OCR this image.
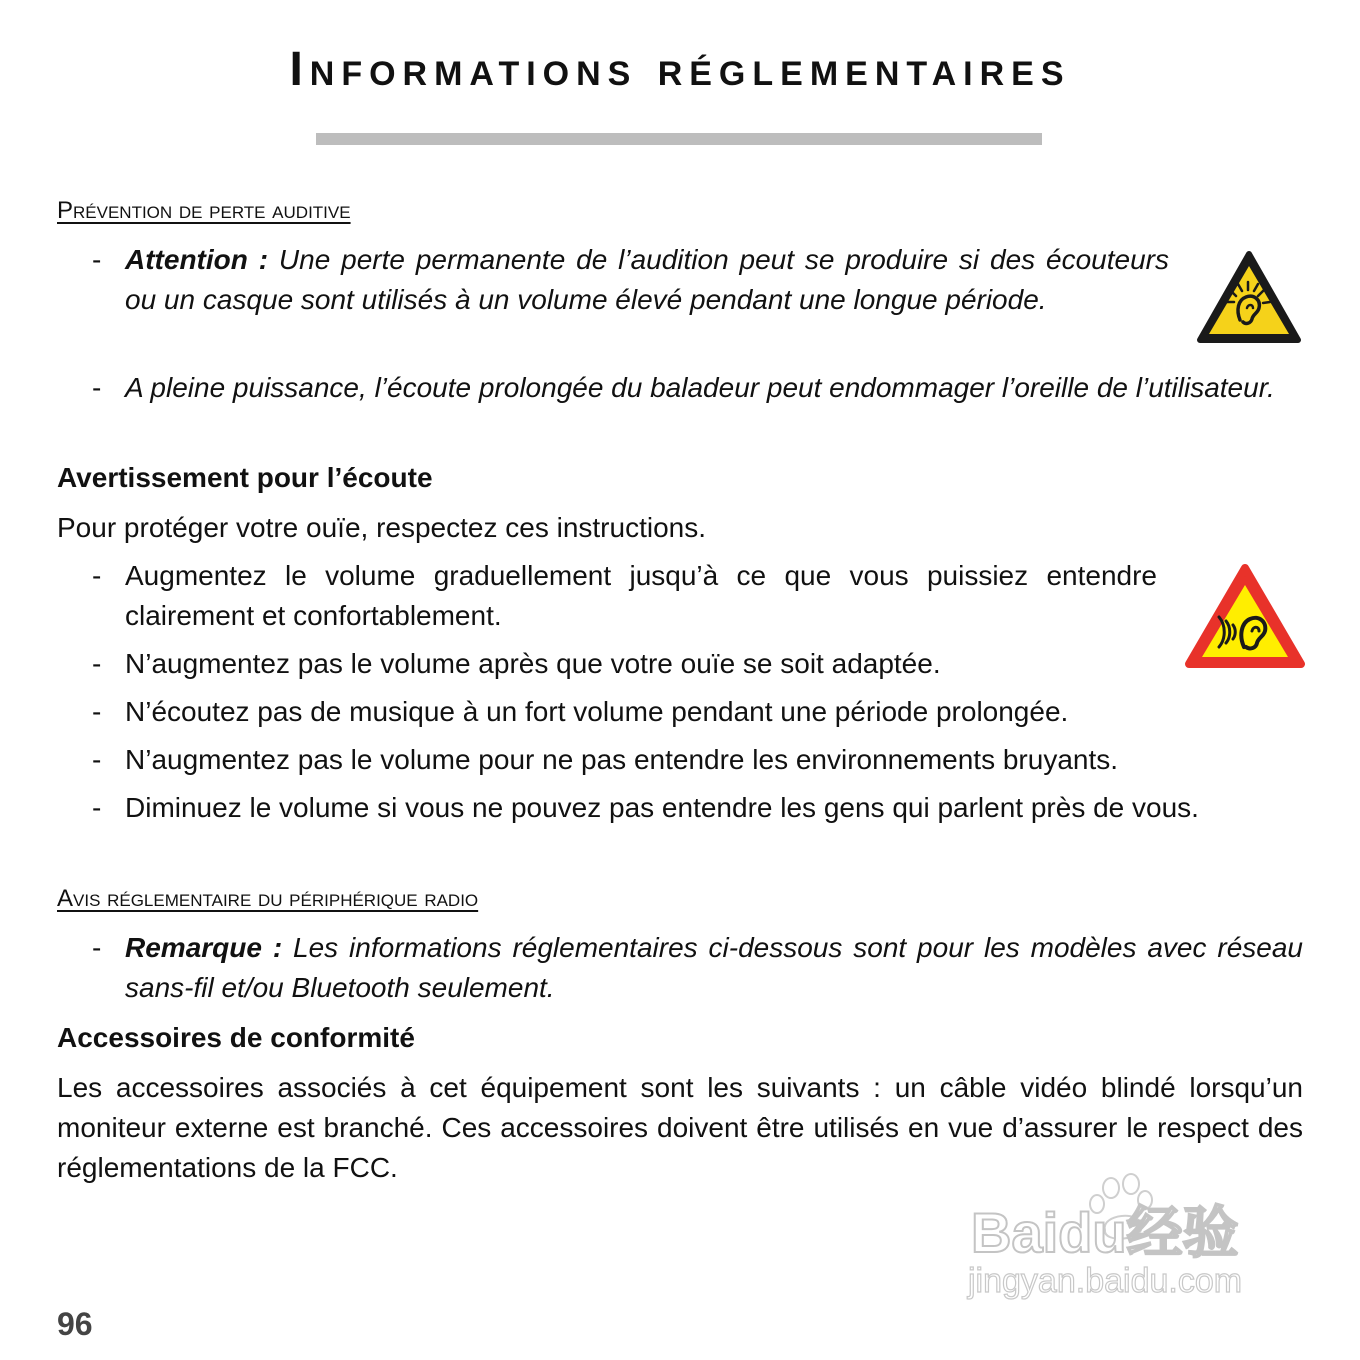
Informations réglementaires
Prévention de perte auditive
- Attention : Une perte permanente de l’audition peut se produire si des écouteurs ou un casque sont utilisés à un volume élevé pendant une longue période.
- A pleine puissance, l’écoute prolongée du baladeur peut endommager l’oreille de l’utilisateur.
Avertissement pour l’écoute
Pour protéger votre ouïe, respectez ces instructions.
- Augmentez le volume graduellement jusqu’à ce que vous puissiez entendre clairement et confortablement.
- N’augmentez pas le volume après que votre ouïe se soit adaptée.
- N’écoutez pas de musique à un fort volume pendant une période prolongée.
- N’augmentez pas le volume pour ne pas entendre les environnements bruyants.
- Diminuez le volume si vous ne pouvez pas entendre les gens qui parlent près de vous.
Avis réglementaire du périphérique radio
- Remarque : Les informations réglementaires ci-dessous sont pour les modèles avec réseau sans-fil et/ou Bluetooth seulement.
Accessoires de conformité
Les accessoires associés à cet équipement sont les suivants : un câble vidéo blindé lorsqu’un moniteur externe est branché. Ces accessoires doivent être utilisés en vue d’assurer le respect des réglementations de la FCC.
Baidu经验
jingyan.baidu.com
96
